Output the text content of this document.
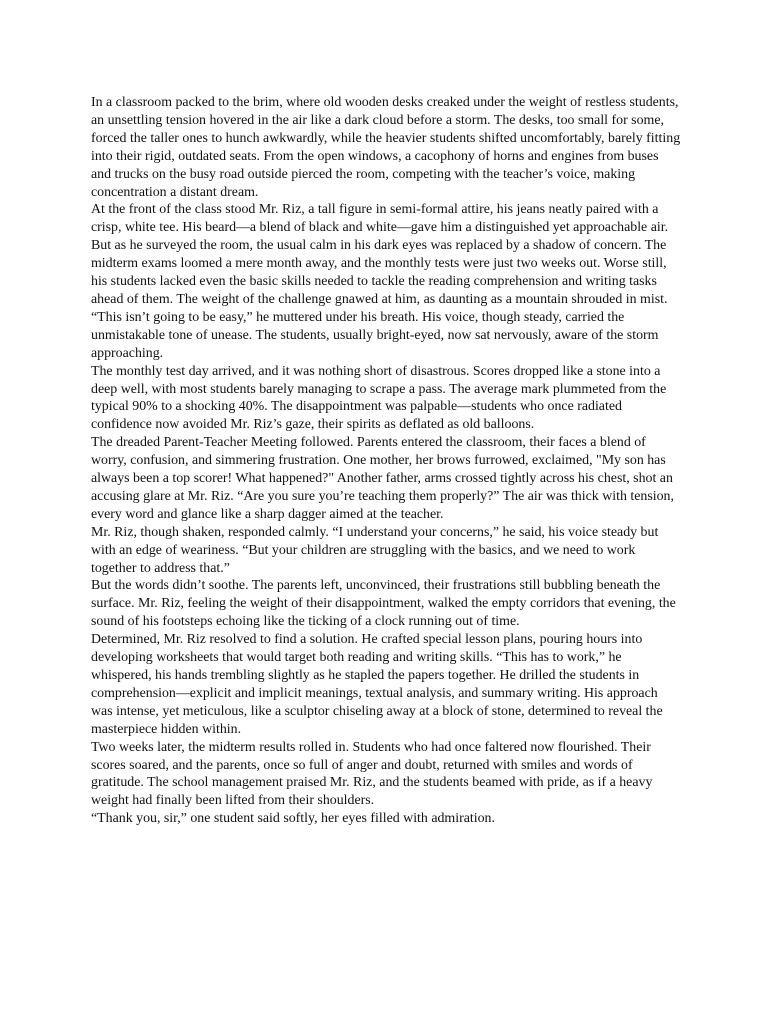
In a classroom packed to the brim, where old wooden desks creaked under the weight of restless students, an unsettling tension hovered in the air like a dark cloud before a storm. The desks, too small for some, forced the taller ones to hunch awkwardly, while the heavier students shifted uncomfortably, barely fitting into their rigid, outdated seats. From the open windows, a cacophony of horns and engines from buses and trucks on the busy road outside pierced the room, competing with the teacher’s voice, making concentration a distant dream.

At the front of the class stood Mr. Riz, a tall figure in semi-formal attire, his jeans neatly paired with a crisp, white tee. His beard—a blend of black and white—gave him a distinguished yet approachable air. But as he surveyed the room, the usual calm in his dark eyes was replaced by a shadow of concern. The midterm exams loomed a mere month away, and the monthly tests were just two weeks out. Worse still, his students lacked even the basic skills needed to tackle the reading comprehension and writing tasks ahead of them. The weight of the challenge gnawed at him, as daunting as a mountain shrouded in mist.

“This isn’t going to be easy,” he muttered under his breath. His voice, though steady, carried the unmistakable tone of unease. The students, usually bright-eyed, now sat nervously, aware of the storm approaching.

The monthly test day arrived, and it was nothing short of disastrous. Scores dropped like a stone into a deep well, with most students barely managing to scrape a pass. The average mark plummeted from the typical 90% to a shocking 40%. The disappointment was palpable—students who once radiated confidence now avoided Mr. Riz’s gaze, their spirits as deflated as old balloons.

The dreaded Parent-Teacher Meeting followed. Parents entered the classroom, their faces a blend of worry, confusion, and simmering frustration. One mother, her brows furrowed, exclaimed, "My son has always been a top scorer! What happened?" Another father, arms crossed tightly across his chest, shot an accusing glare at Mr. Riz. “Are you sure you’re teaching them properly?” The air was thick with tension, every word and glance like a sharp dagger aimed at the teacher.

Mr. Riz, though shaken, responded calmly. “I understand your concerns,” he said, his voice steady but with an edge of weariness. “But your children are struggling with the basics, and we need to work together to address that.”

But the words didn’t soothe. The parents left, unconvinced, their frustrations still bubbling beneath the surface. Mr. Riz, feeling the weight of their disappointment, walked the empty corridors that evening, the sound of his footsteps echoing like the ticking of a clock running out of time.

Determined, Mr. Riz resolved to find a solution. He crafted special lesson plans, pouring hours into developing worksheets that would target both reading and writing skills. “This has to work,” he whispered, his hands trembling slightly as he stapled the papers together. He drilled the students in comprehension—explicit and implicit meanings, textual analysis, and summary writing. His approach was intense, yet meticulous, like a sculptor chiseling away at a block of stone, determined to reveal the masterpiece hidden within.

Two weeks later, the midterm results rolled in. Students who had once faltered now flourished. Their scores soared, and the parents, once so full of anger and doubt, returned with smiles and words of gratitude. The school management praised Mr. Riz, and the students beamed with pride, as if a heavy weight had finally been lifted from their shoulders.

“Thank you, sir,” one student said softly, her eyes filled with admiration.
